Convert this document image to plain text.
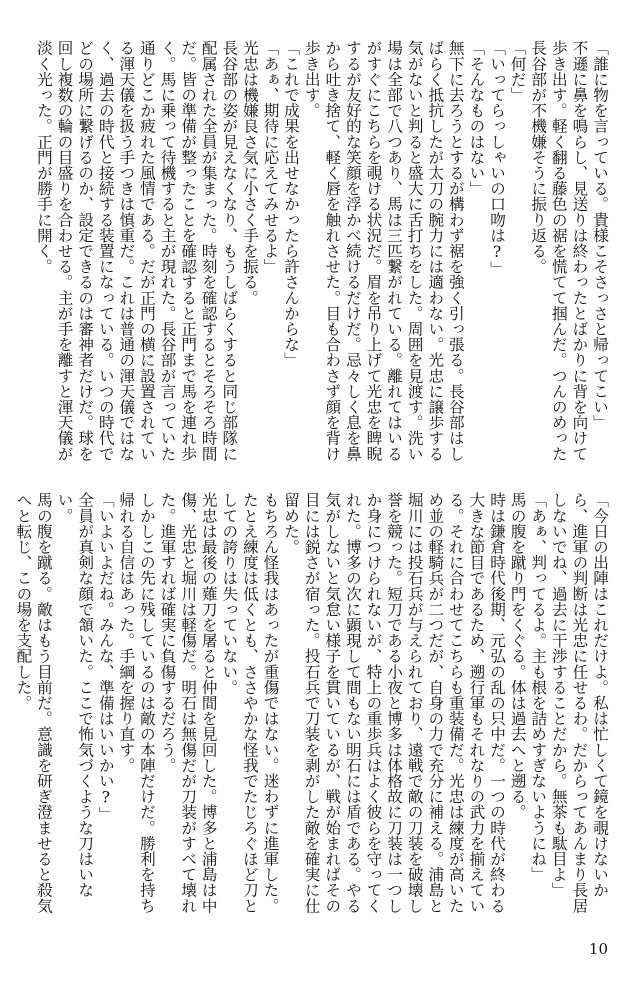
「誰に物を言っている。貴様こそさっさと帰ってこい」

不遜に鼻を鳴らし、見送りは終わったとばかりに背を向けて歩き出す。軽く翻る藤色の裾を慌てて掴んだ。つんのめった長谷部が不機嫌そうに振り返る。

「何だ」

「いってらっしゃいの口吻は?」

「そんなものはない」

無下に去ろうとするが構わず裾を強く引っ張る。長谷部はしばらく抵抗したが太刀の腕力には適わない。光忠に譲歩する気がないと判ると盛大に舌打ちをした。周囲を見渡す。洗い場は全部で八つあり、馬は三匹繋がれている。離れてはいるがすぐにこちらを覗ける状況だ。眉を吊り上げて光忠を睥睨するが友好的な笑顔を浮かべ続けるだけだ。忌々しく息を鼻から吐き捨て、軽く唇を触れさせた。目も合わさず顔を背け歩き出す。

「これで成果を出せなかったら許さんからな」

「あぁ、期待に応えてみせるよ」

光忠は機嫌良さ気に小さく手を振る。

長谷部の姿が見えなくなり、もうしばらくすると同じ部隊に配属された全員が集まった。時刻を確認するとそろそろ時間だ。皆の準備が整ったことを確認すると正門まで馬を連れ歩く。馬に乗って待機すると主が現れた。長谷部が言っていた通りどこか疲れた風情である。だが正門の横に設置されている渾天儀を扱う手つきは慎重だ。これは普通の渾天儀ではなく、過去の時代と接続する装置になっている。いつの時代でどの場所に繋げるのか、設定できるのは審神者だけだ。球を回し複数の輪の目盛りを合わせる。主が手を離すと渾天儀が淡く光った。正門が勝手に開く。

「今日の出陣はこれだけよ。私は忙しくて鏡を覗けないから、進軍の判断は光忠に任せるわ。だからってあんまり長居しないでね、過去に干渉することだから。無茶も駄目よ」

「あぁ、判ってるよ。主も根を詰めすぎないようにね」

馬の腹を蹴り門をくぐる。体は過去へと遡る。

時は鎌倉時代後期、元弘の乱の只中だ。一つの時代が終わる大きな節目であるため、遡行軍もそれなりの武力を揃えている。それに合わせてこちらも重装備だ。光忠は練度が高いため並の軽騎兵が二つだが、自身の力で充分に補える。浦島と堀川には投石兵が与えられており、遠戦で敵の刀装を破壊し誉を競った。短刀である小夜と博多は体格故に刀装は一つしか身につけられないが、特上の重歩兵はよく彼らを守ってくれた。博多の次に顕現して間もない明石には盾である。やる気がしないと気怠い様子を貫いているが、戦が始まればその目には鋭さが宿った。投石兵で刀装を剥がした敵を確実に仕留めた。

もちろん怪我はあったが重傷ではない。迷わずに進軍した。たとえ練度は低くとも、ささやかな怪我でたじろぐほど刀としての誇りは失っていない。

光忠は最後の薙刀を屠ると仲間を見回した。博多と浦島は中傷、光忠と堀川は軽傷だ。明石は無傷だが刀装がすべて壊れた。進軍すれば確実に負傷するだろう。

しかしこの先に残しているのは敵の本陣だけだ。勝利を持ち帰れる自信はあった。手綱を握り直す。

「いよいよだね。みんな、準備はいいかい?」

全員が真剣な顔で頷いた。ここで怖気づくような刀はいない。

馬の腹を蹴る。敵はもう目前だ。意識を研ぎ澄ませると殺気へと転じ、この場を支配した。

10
